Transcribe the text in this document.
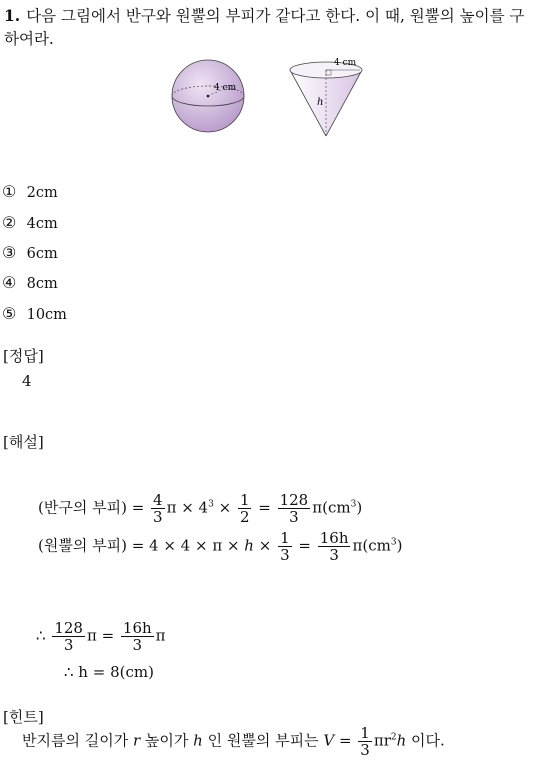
1. 다음 그림에서 반구와 원뿔의 부피가 같다고 한다. 이 때, 원뿔의 높이를 구하여라.
4 cm
4 cm
h
① 2cm
② 4cm
③ 6cm
④ 8cm
⑤ 10cm
[정답]
4
[해설]
(반구의 부피) = $\frac{4}{3}$ $\pi \times 4^3 \times \frac{1}{2} = \frac{128}{3} \pi(cm^3)$
(원뿔의 부피) = $4 \times 4 \times \pi \times h \times \frac{1}{3} = \frac{16h}{3} \pi(cm^3)$
∴ $\frac{128}{3}$ $\pi = \frac{16h}{3}$ π
∴ h = 8(cm)
[힌트]
반지름의 길이가 r 높이가 h 인 원뿔의 부피는 $V = \frac{1}{3} \pi r^2h$ 이다.
